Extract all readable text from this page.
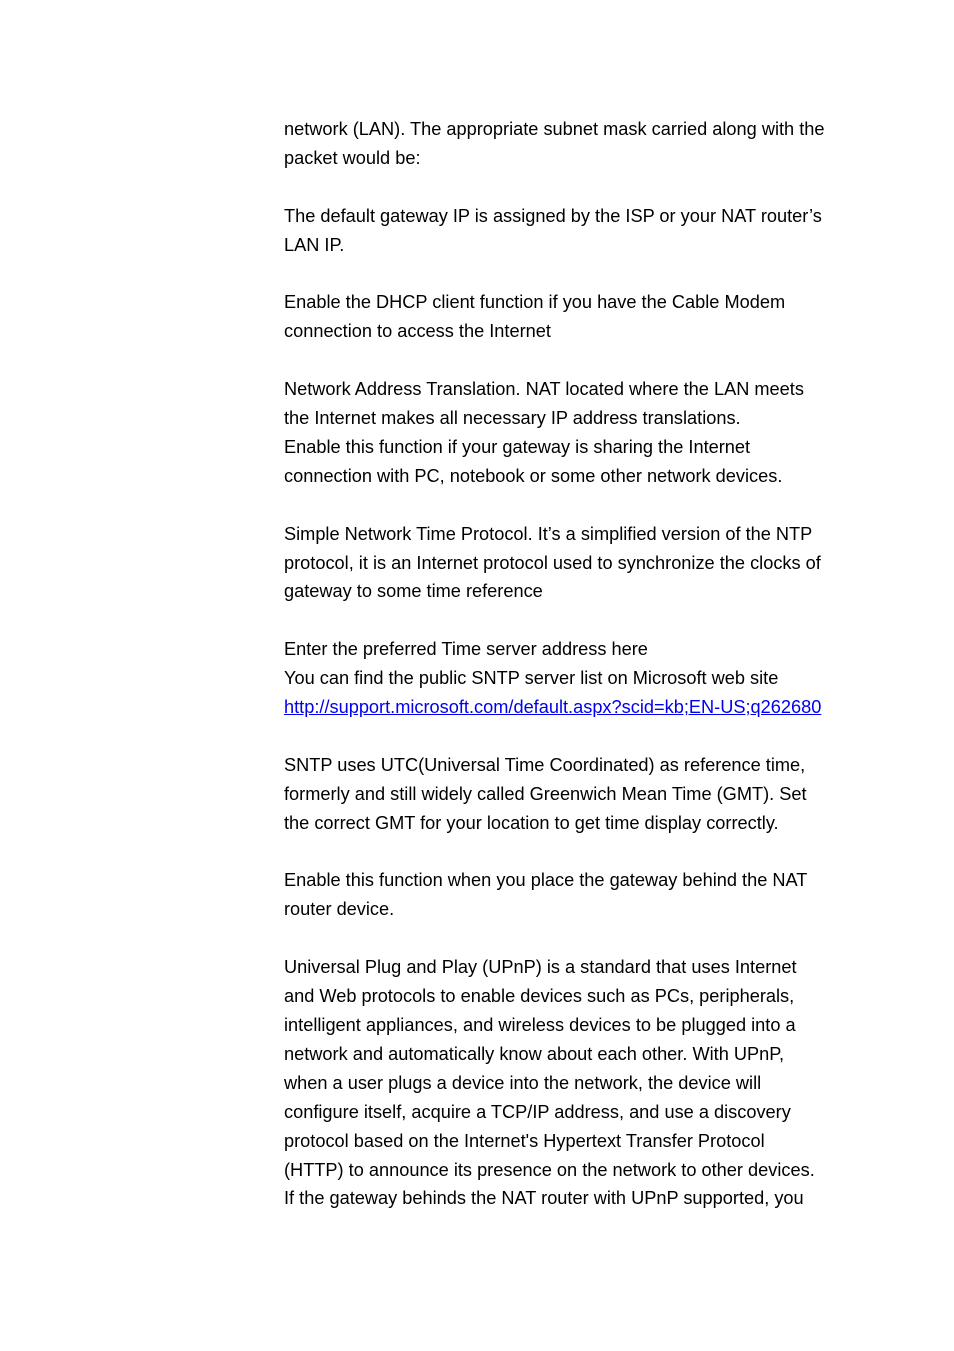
network (LAN). The appropriate subnet mask carried along with the
packet would be:

The default gateway IP is assigned by the ISP or your NAT router’s
LAN IP.

Enable the DHCP client function if you have the Cable Modem
connection to access the Internet

Network Address Translation. NAT located where the LAN meets
the Internet makes all necessary IP address translations.
Enable this function if your gateway is sharing the Internet
connection with PC, notebook or some other network devices.

Simple Network Time Protocol. It’s a simplified version of the NTP
protocol, it is an Internet protocol used to synchronize the clocks of
gateway to some time reference

Enter the preferred Time server address here
You can find the public SNTP server list on Microsoft web site
http://support.microsoft.com/default.aspx?scid=kb;EN-US;q262680

SNTP uses UTC(Universal Time Coordinated) as reference time,
formerly and still widely called Greenwich Mean Time (GMT). Set
the correct GMT for your location to get time display correctly.

Enable this function when you place the gateway behind the NAT
router device.

Universal Plug and Play (UPnP) is a standard that uses Internet
and Web protocols to enable devices such as PCs, peripherals,
intelligent appliances, and wireless devices to be plugged into a
network and automatically know about each other. With UPnP,
when a user plugs a device into the network, the device will
configure itself, acquire a TCP/IP address, and use a discovery
protocol based on the Internet's Hypertext Transfer Protocol
(HTTP) to announce its presence on the network to other devices.
If the gateway behinds the NAT router with UPnP supported, you
